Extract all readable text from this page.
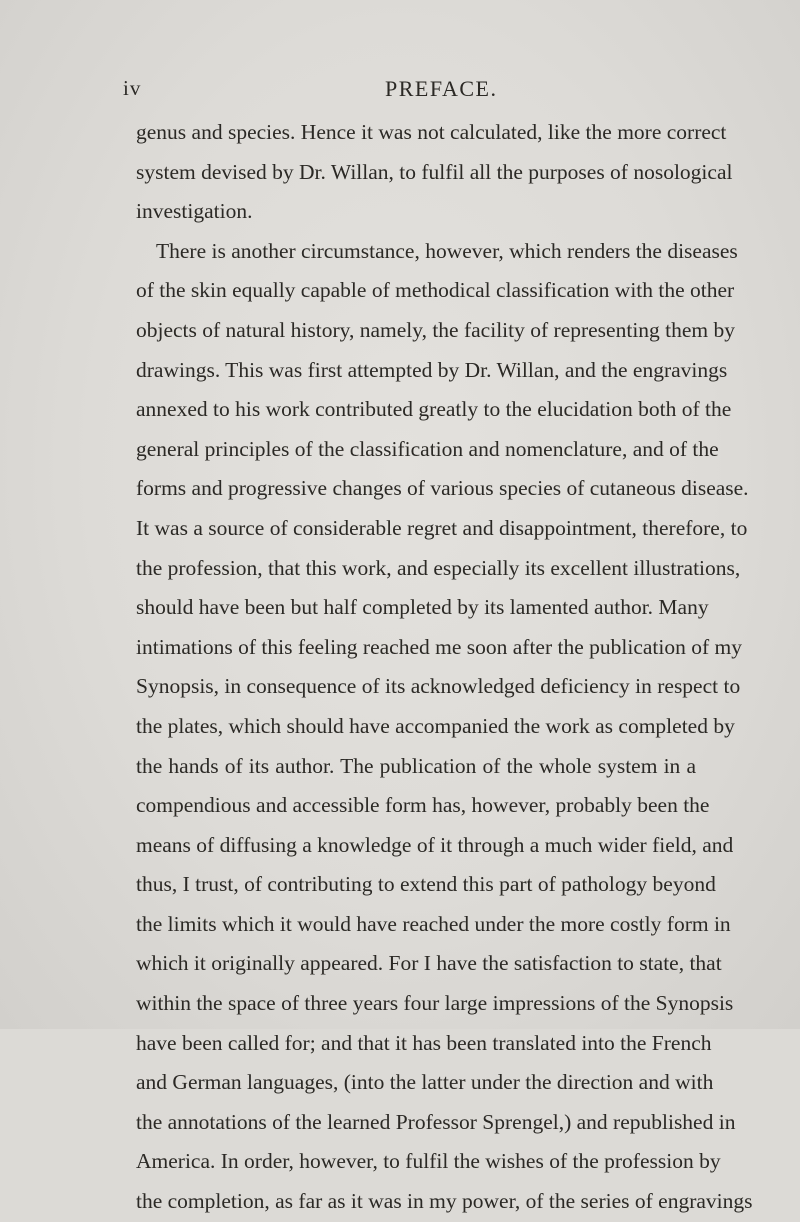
iv	PREFACE.
genus and species. Hence it was not calculated, like the more correct
system devised by Dr. Willan, to fulfil all the purposes of nosological
investigation.
There is another circumstance, however, which renders the diseases
of the skin equally capable of methodical classification with the other
objects of natural history, namely, the facility of representing them by
drawings. This was first attempted by Dr. Willan, and the engravings
annexed to his work contributed greatly to the elucidation both of the
general principles of the classification and nomenclature, and of the
forms and progressive changes of various species of cutaneous disease.
It was a source of considerable regret and disappointment, therefore, to
the profession, that this work, and especially its excellent illustrations,
should have been but half completed by its lamented author. Many
intimations of this feeling reached me soon after the publication of my
Synopsis, in consequence of its acknowledged deficiency in respect to
the plates, which should have accompanied the work as completed by
the hands of its author. The publication of the whole system in a
compendious and accessible form has, however, probably been the
means of diffusing a knowledge of it through a much wider field, and
thus, I trust, of contributing to extend this part of pathology beyond
the limits which it would have reached under the more costly form in
which it originally appeared. For I have the satisfaction to state, that
within the space of three years four large impressions of the Synopsis
have been called for; and that it has been translated into the French
and German languages, (into the latter under the direction and with
the annotations of the learned Professor Sprengel,) and republished in
America. In order, however, to fulfil the wishes of the profession by
the completion, as far as it was in my power, of the series of engravings
